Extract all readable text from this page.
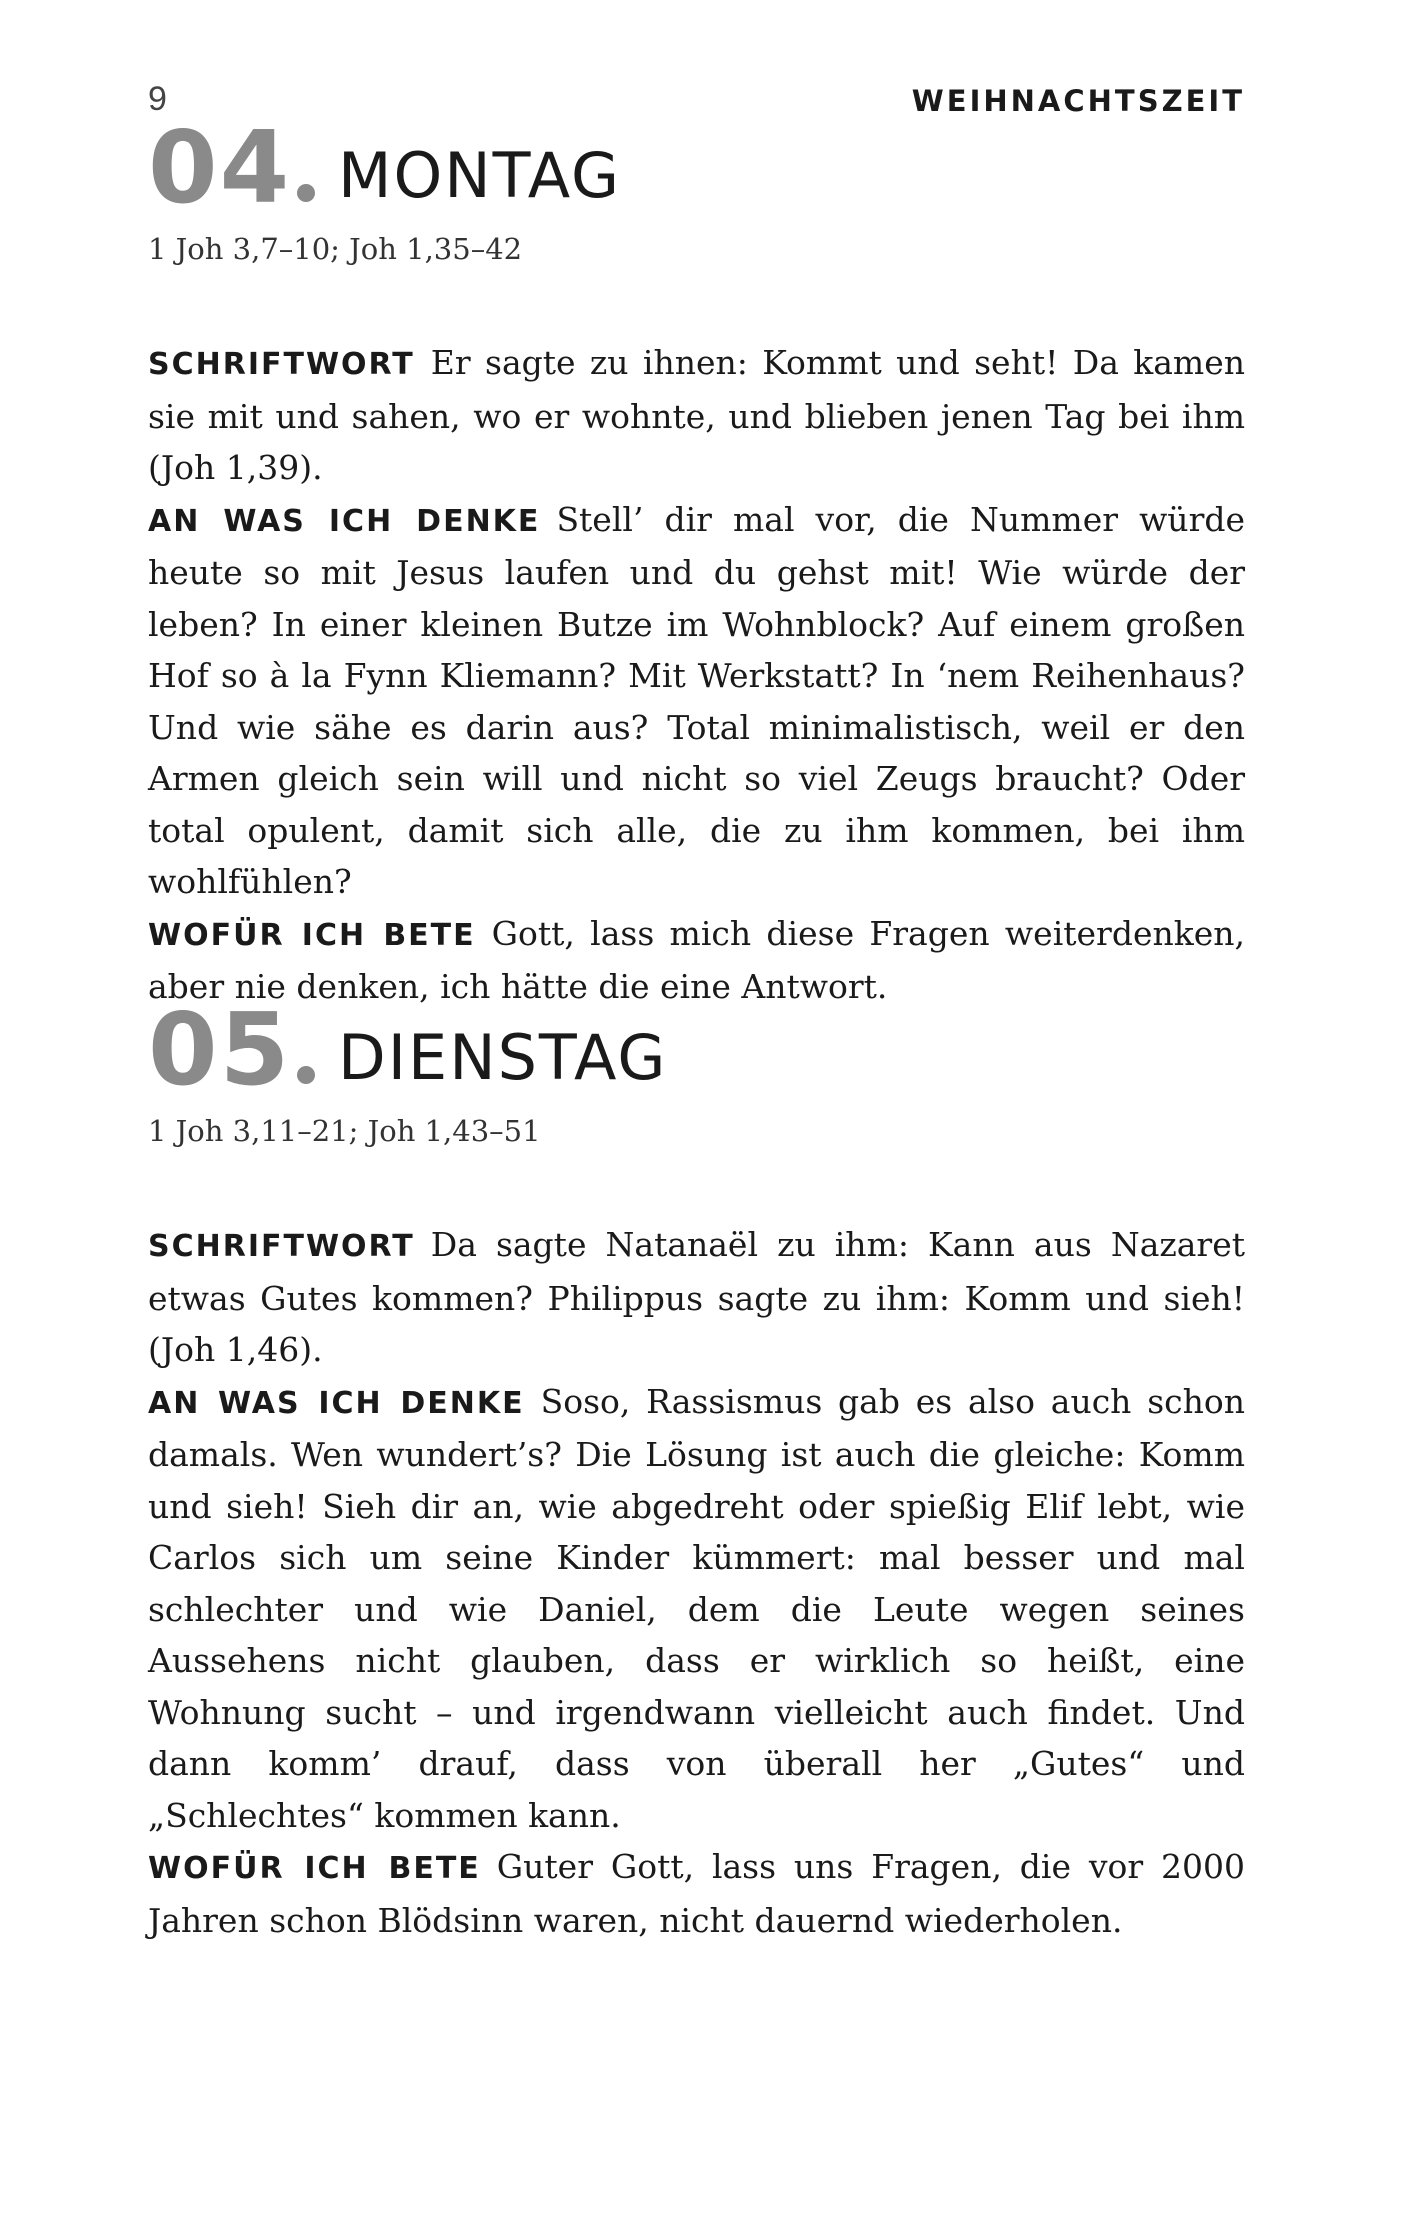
9	WEIHNACHTSZEIT
04 MONTAG
1 Joh 3,7–10; Joh 1,35–42

SCHRIFTWORT Er sagte zu ihnen: Kommt und seht! Da kamen sie mit und sahen, wo er wohnte, und blieben jenen Tag bei ihm (Joh 1,39).

AN WAS ICH DENKE Stell’ dir mal vor, die Nummer würde heute so mit Jesus laufen und du gehst mit! Wie würde der leben? In einer kleinen Butze im Wohnblock? Auf einem großen Hof so à la Fynn Kliemann? Mit Werkstatt? In ‘nem Reihenhaus? Und wie sähe es darin aus? Total minimalistisch, weil er den Armen gleich sein will und nicht so viel Zeugs braucht? Oder total opulent, damit sich alle, die zu ihm kommen, bei ihm wohlfühlen?

WOFÜR ICH BETE Gott, lass mich diese Fragen weiterdenken, aber nie denken, ich hätte die eine Antwort.

05 DIENSTAG
1 Joh 3,11–21; Joh 1,43–51

SCHRIFTWORT Da sagte Natanaël zu ihm: Kann aus Nazaret etwas Gutes kommen? Philippus sagte zu ihm: Komm und sieh! (Joh 1,46).

AN WAS ICH DENKE Soso, Rassismus gab es also auch schon damals. Wen wundert’s? Die Lösung ist auch die gleiche: Komm und sieh! Sieh dir an, wie abgedreht oder spießig Elif lebt, wie Carlos sich um seine Kinder kümmert: mal besser und mal schlechter und wie Daniel, dem die Leute wegen seines Aussehens nicht glauben, dass er wirklich so heißt, eine Wohnung sucht – und irgendwann vielleicht auch findet. Und dann komm’ drauf, dass von überall her „Gutes“ und „Schlechtes“ kommen kann.

WOFÜR ICH BETE Guter Gott, lass uns Fragen, die vor 2000 Jahren schon Blödsinn waren, nicht dauernd wiederholen.
